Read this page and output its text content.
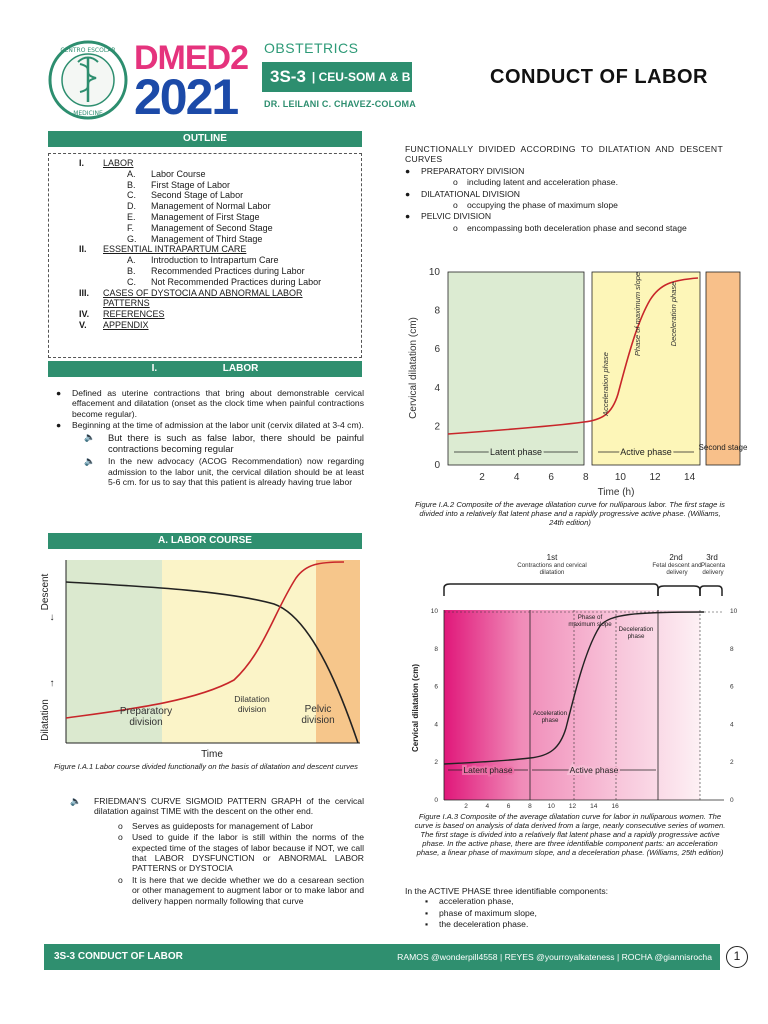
CENTRO ESCOLAR
MEDICINE
DMED2
2021
OBSTETRICS
3S-3 | CEU-SOM A & B
DR. LEILANI C. CHAVEZ-COLOMA
CONDUCT OF LABOR
OUTLINE
I.	LABOR
A.	Labor Course
B.	First Stage of Labor
C.	Second Stage of Labor
D.	Management of Normal Labor
E.	Management of First Stage
F.	Management of Second Stage
G.	Management of Third Stage
II.	ESSENTIAL INTRAPARTUM CARE
A.	Introduction to Intrapartum Care
B.	Recommended Practices during Labor
C.	Not Recommended Practices during Labor
III.	CASES OF DYSTOCIA AND ABNORMAL LABOR PATTERNS
IV.	REFERENCES
V.	APPENDIX
I.	LABOR
●	Defined as uterine contractions that bring about demonstrable cervical effacement and dilatation (onset as the clock time when painful contractions become regular).
●	Beginning at the time of admission at the labor unit (cervix dilated at 3-4 cm).
🔈	But there is such as false labor, there should be painful contractions becoming regular
🔈	In the new advocacy (ACOG Recommendation) now regarding admission to the labor unit, the cervical dilation should be at least 5-6 cm. for us to say that this patient is already having true labor
A. LABOR COURSE
Descent
↓
↑
Dilatation	Preparatory division
Dilatation division	Pelvic division
Time
Figure I.A.1 Labor course divided functionally on the basis of dilatation and descent curves
🔈	FRIEDMAN'S CURVE SIGMOID PATTERN GRAPH of the cervical dilatation against TIME with the descent on the other end.
o	Serves as guideposts for management of Labor
o	Used to guide if the labor is still within the norms of the expected time of the stages of labor because if NOT, we call that LABOR DYSFUNCTION or ABNORMAL LABOR PATTERNS or DYSTOCIA
o	It is here that we decide whether we do a cesarean section or other management to augment labor or to make labor and delivery happen normally following that curve
FUNCTIONALLY DIVIDED ACCORDING TO DILATATION AND DESCENT CURVES
●	PREPARATORY DIVISION
o	including latent and acceleration phase.
●	DILATATIONAL DIVISION
o	occupying the phase of maximum slope
●	PELVIC DIVISION
o	encompassing both deceleration phase and second stage
0
2
4
6
8
10
2	4	6	8	10 12 14
Latent phase	Active phase
Acceleration phase
Phase of maximum slope	Deceleration phase
Second stage
Cervical dilatation (cm)
Time (h)
Figure I.A.2 Composite of the average dilatation curve for nulliparous labor. The first stage is divided into a relatively flat latent phase and a rapidly progressive active phase. (Williams, 24th edition)
1st
Contractions and cervical dilatation
2nd
Fetal descent and delivery
3rd
Placenta delivery
0
2
4
6
8
10
0
2
4
6
8
10
2	4	6	8 10 12 14 16
Latent phase	Active phase
Acceleration phase
Phase of maximum slope
Deceleration phase
Cervical dilatation (cm)
Figure I.A.3 Composite of the average dilatation curve for labor in nulliparous women. The curve is based on analysis of data derived from a large, nearly consecutive series of women. The first stage is divided into a relatively flat latent phase and a rapidly progressive active phase. In the active phase, there are three identifiable component parts: an acceleration phase, a linear phase of maximum slope, and a deceleration phase. (Williams, 25th edition)
In the ACTIVE PHASE three identifiable components:
▪	acceleration phase,
▪	phase of maximum slope,
▪	the deceleration phase.
3S-3 CONDUCT OF LABOR	RAMOS @wonderpill4558 | REYES @yourroyalkateness | ROCHA @giannisrocha	1
